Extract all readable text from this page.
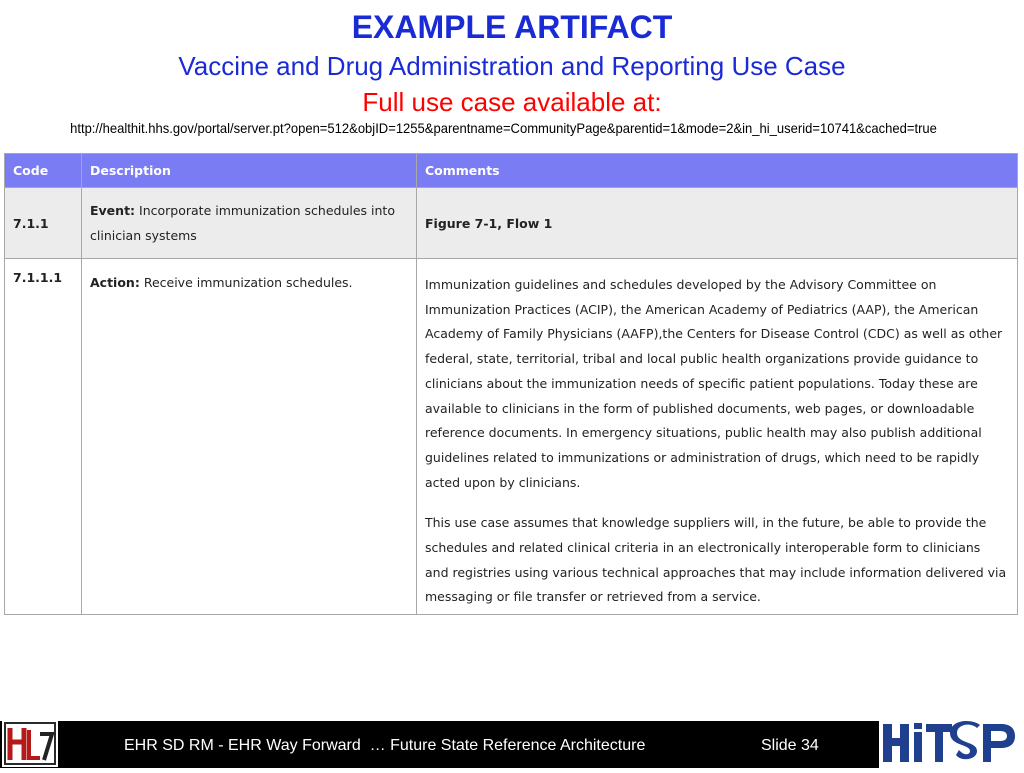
EXAMPLE ARTIFACT
Vaccine and Drug Administration and Reporting Use Case
Full use case available at:
http://healthit.hhs.gov/portal/server.pt?open=512&objID=1255&parentname=CommunityPage&parentid=1&mode=2&in_hi_userid=10741&cached=true
Code	Description	Comments
7.1.1	Event: Incorporate immunization schedules into clinician systems	Figure 7-1, Flow 1
7.1.1.1	Action: Receive immunization schedules.	Immunization guidelines and schedules developed by the Advisory Committee on Immunization Practices (ACIP), the American Academy of Pediatrics (AAP), the American Academy of Family Physicians (AAFP),the Centers for Disease Control (CDC) as well as other federal, state, territorial, tribal and local public health organizations provide guidance to clinicians about the immunization needs of specific patient populations. Today these are available to clinicians in the form of published documents, web pages, or downloadable reference documents. In emergency situations, public health may also publish additional guidelines related to immunizations or administration of drugs, which need to be rapidly acted upon by clinicians.

This use case assumes that knowledge suppliers will, in the future, be able to provide the schedules and related clinical criteria in an electronically interoperable form to clinicians and registries using various technical approaches that may include information delivered via messaging or file transfer or retrieved from a service.

EHR SD RM - EHR Way Forward  … Future State Reference Architecture	Slide 34
